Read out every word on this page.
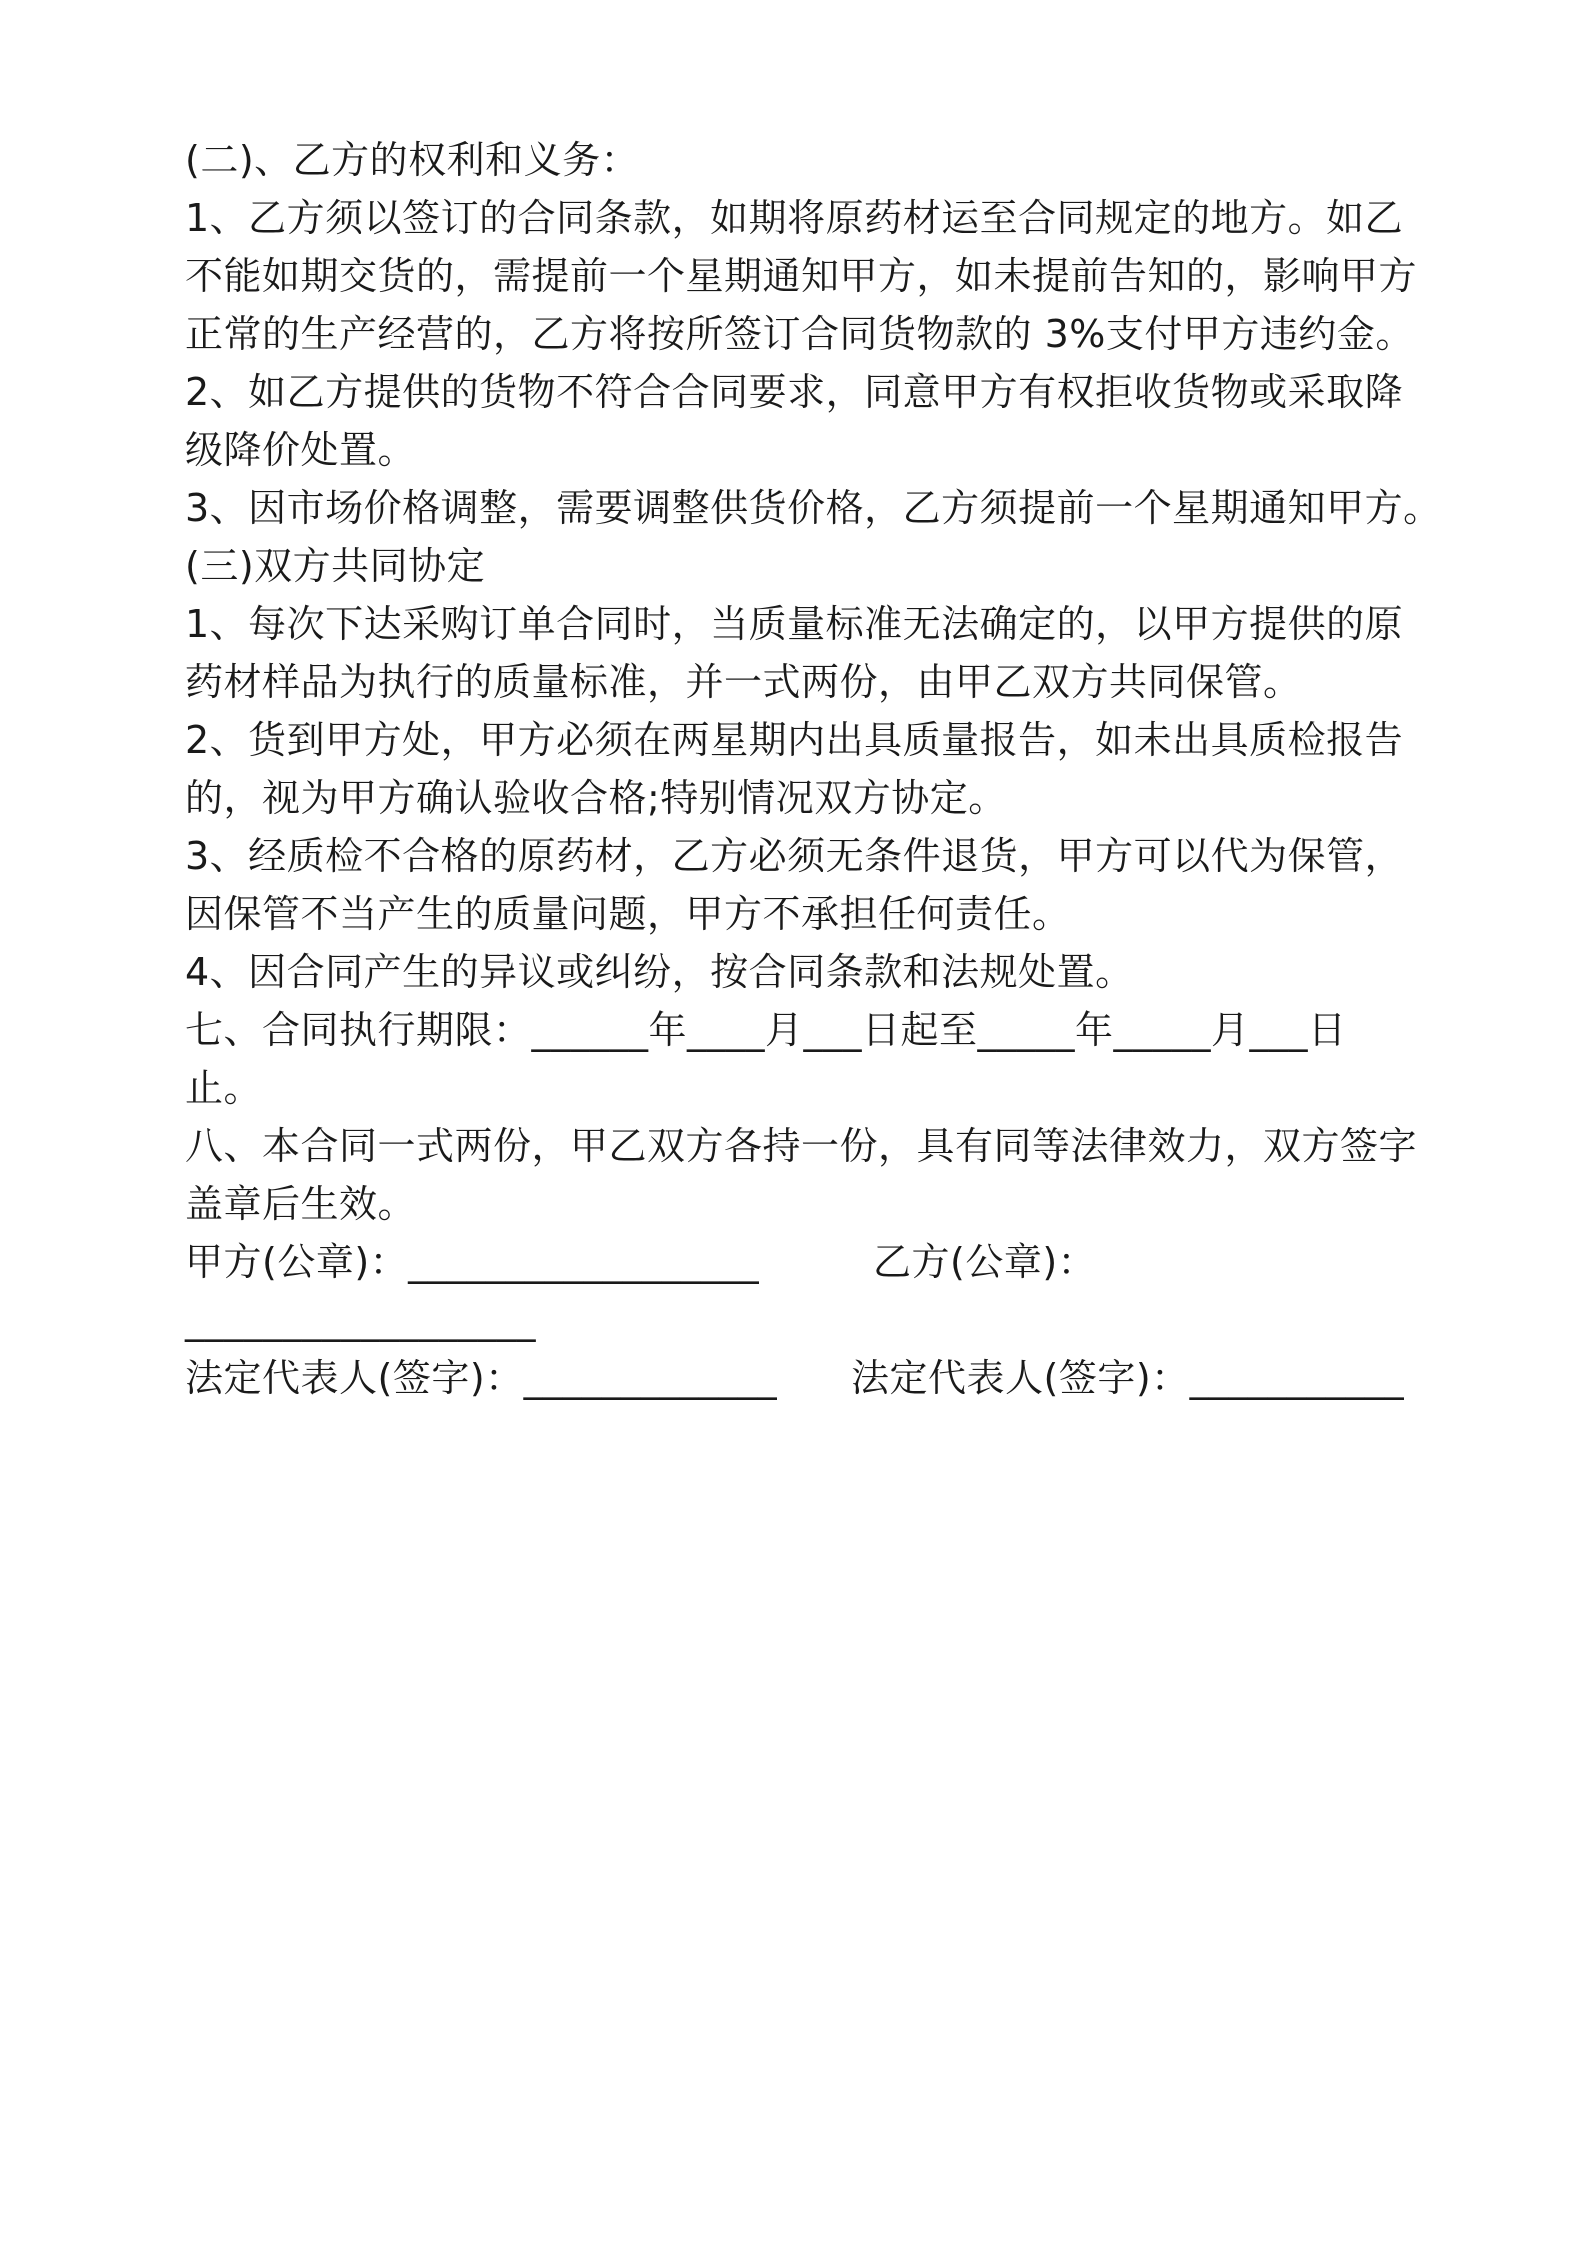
(二)、乙方的权利和义务：

1、乙方须以签订的合同条款，如期将原药材运至合同规定的地方。如乙

不能如期交货的，需提前一个星期通知甲方，如未提前告知的，影响甲方

正常的生产经营的，乙方将按所签订合同货物款的 3%支付甲方违约金。

2、如乙方提供的货物不符合合同要求，同意甲方有权拒收货物或采取降

级降价处置。

3、因市场价格调整，需要调整供货价格，乙方须提前一个星期通知甲方。

(三)双方共同协定

1、每次下达采购订单合同时，当质量标准无法确定的，以甲方提供的原

药材样品为执行的质量标准，并一式两份，由甲乙双方共同保管。

2、货到甲方处，甲方必须在两星期内出具质量报告，如未出具质检报告

的，视为甲方确认验收合格;特别情况双方协定。

3、经质检不合格的原药材，乙方必须无条件退货，甲方可以代为保管，

因保管不当产生的质量问题，甲方不承担任何责任。

4、因合同产生的异议或纠纷，按合同条款和法规处置。

七、合同执行期限：______年____月___日起至_____年_____月___日

止。

八、本合同一式两份，甲乙双方各持一份，具有同等法律效力，双方签字

盖章后生效。

甲方(公章)：__________________	乙方(公章)：

__________________

法定代表人(签字)：_____________ 法定代表人(签字)：___________
